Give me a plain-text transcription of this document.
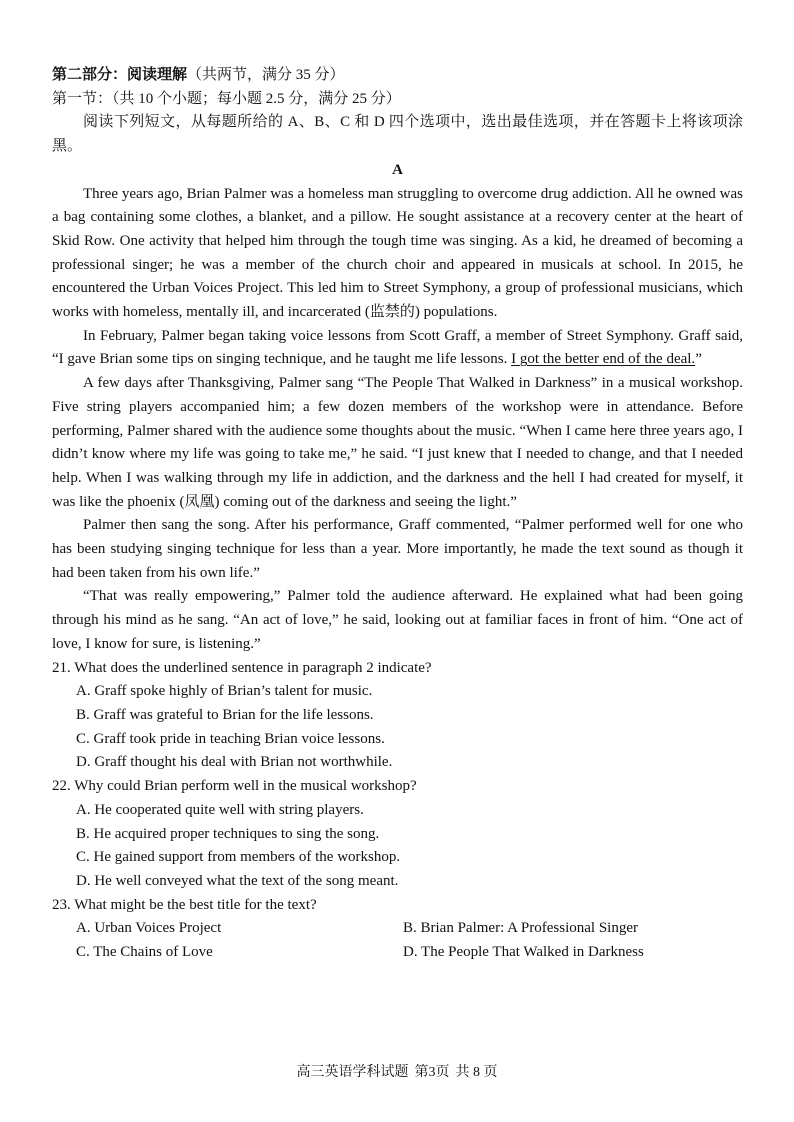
第二部分：阅读理解（共两节，满分 35 分）

第一节：（共 10 个小题；每小题 2.5 分，满分 25 分）

阅读下列短文，从每题所给的 A、B、C 和 D 四个选项中，选出最佳选项，并在答题卡上将该项涂黑。

A

Three years ago, Brian Palmer was a homeless man struggling to overcome drug addiction. All he owned was a bag containing some clothes, a blanket, and a pillow. He sought assistance at a recovery center at the heart of Skid Row. One activity that helped him through the tough time was singing. As a kid, he dreamed of becoming a professional singer; he was a member of the church choir and appeared in musicals at school. In 2015, he encountered the Urban Voices Project. This led him to Street Symphony, a group of professional musicians, which works with homeless, mentally ill, and incarcerated (监禁的) populations.

In February, Palmer began taking voice lessons from Scott Graff, a member of Street Symphony. Graff said, “I gave Brian some tips on singing technique, and he taught me life lessons. I got the better end of the deal.”

A few days after Thanksgiving, Palmer sang “The People That Walked in Darkness” in a musical workshop. Five string players accompanied him; a few dozen members of the workshop were in attendance. Before performing, Palmer shared with the audience some thoughts about the music. “When I came here three years ago, I didn’t know where my life was going to take me,” he said. “I just knew that I needed to change, and that I needed help. When I was walking through my life in addiction, and the darkness and the hell I had created for myself, it was like the phoenix (凤凰) coming out of the darkness and seeing the light.”

Palmer then sang the song. After his performance, Graff commented, “Palmer performed well for one who has been studying singing technique for less than a year. More importantly, he made the text sound as though it had been taken from his own life.”

“That was really empowering,” Palmer told the audience afterward. He explained what had been going through his mind as he sang. “An act of love,” he said, looking out at familiar faces in front of him. “One act of love, I know for sure, is listening.”

21. What does the underlined sentence in paragraph 2 indicate?

A. Graff spoke highly of Brian’s talent for music.

B. Graff was grateful to Brian for the life lessons.

C. Graff took pride in teaching Brian voice lessons.

D. Graff thought his deal with Brian not worthwhile.

22. Why could Brian perform well in the musical workshop?

A. He cooperated quite well with string players.

B. He acquired proper techniques to sing the song.

C. He gained support from members of the workshop.

D. He well conveyed what the text of the song meant.

23. What might be the best title for the text?

A. Urban Voices Project	B. Brian Palmer: A Professional Singer
C. The Chains of Love	D. The People That Walked in Darkness
高三英语学科试题 第3页 共 8 页
